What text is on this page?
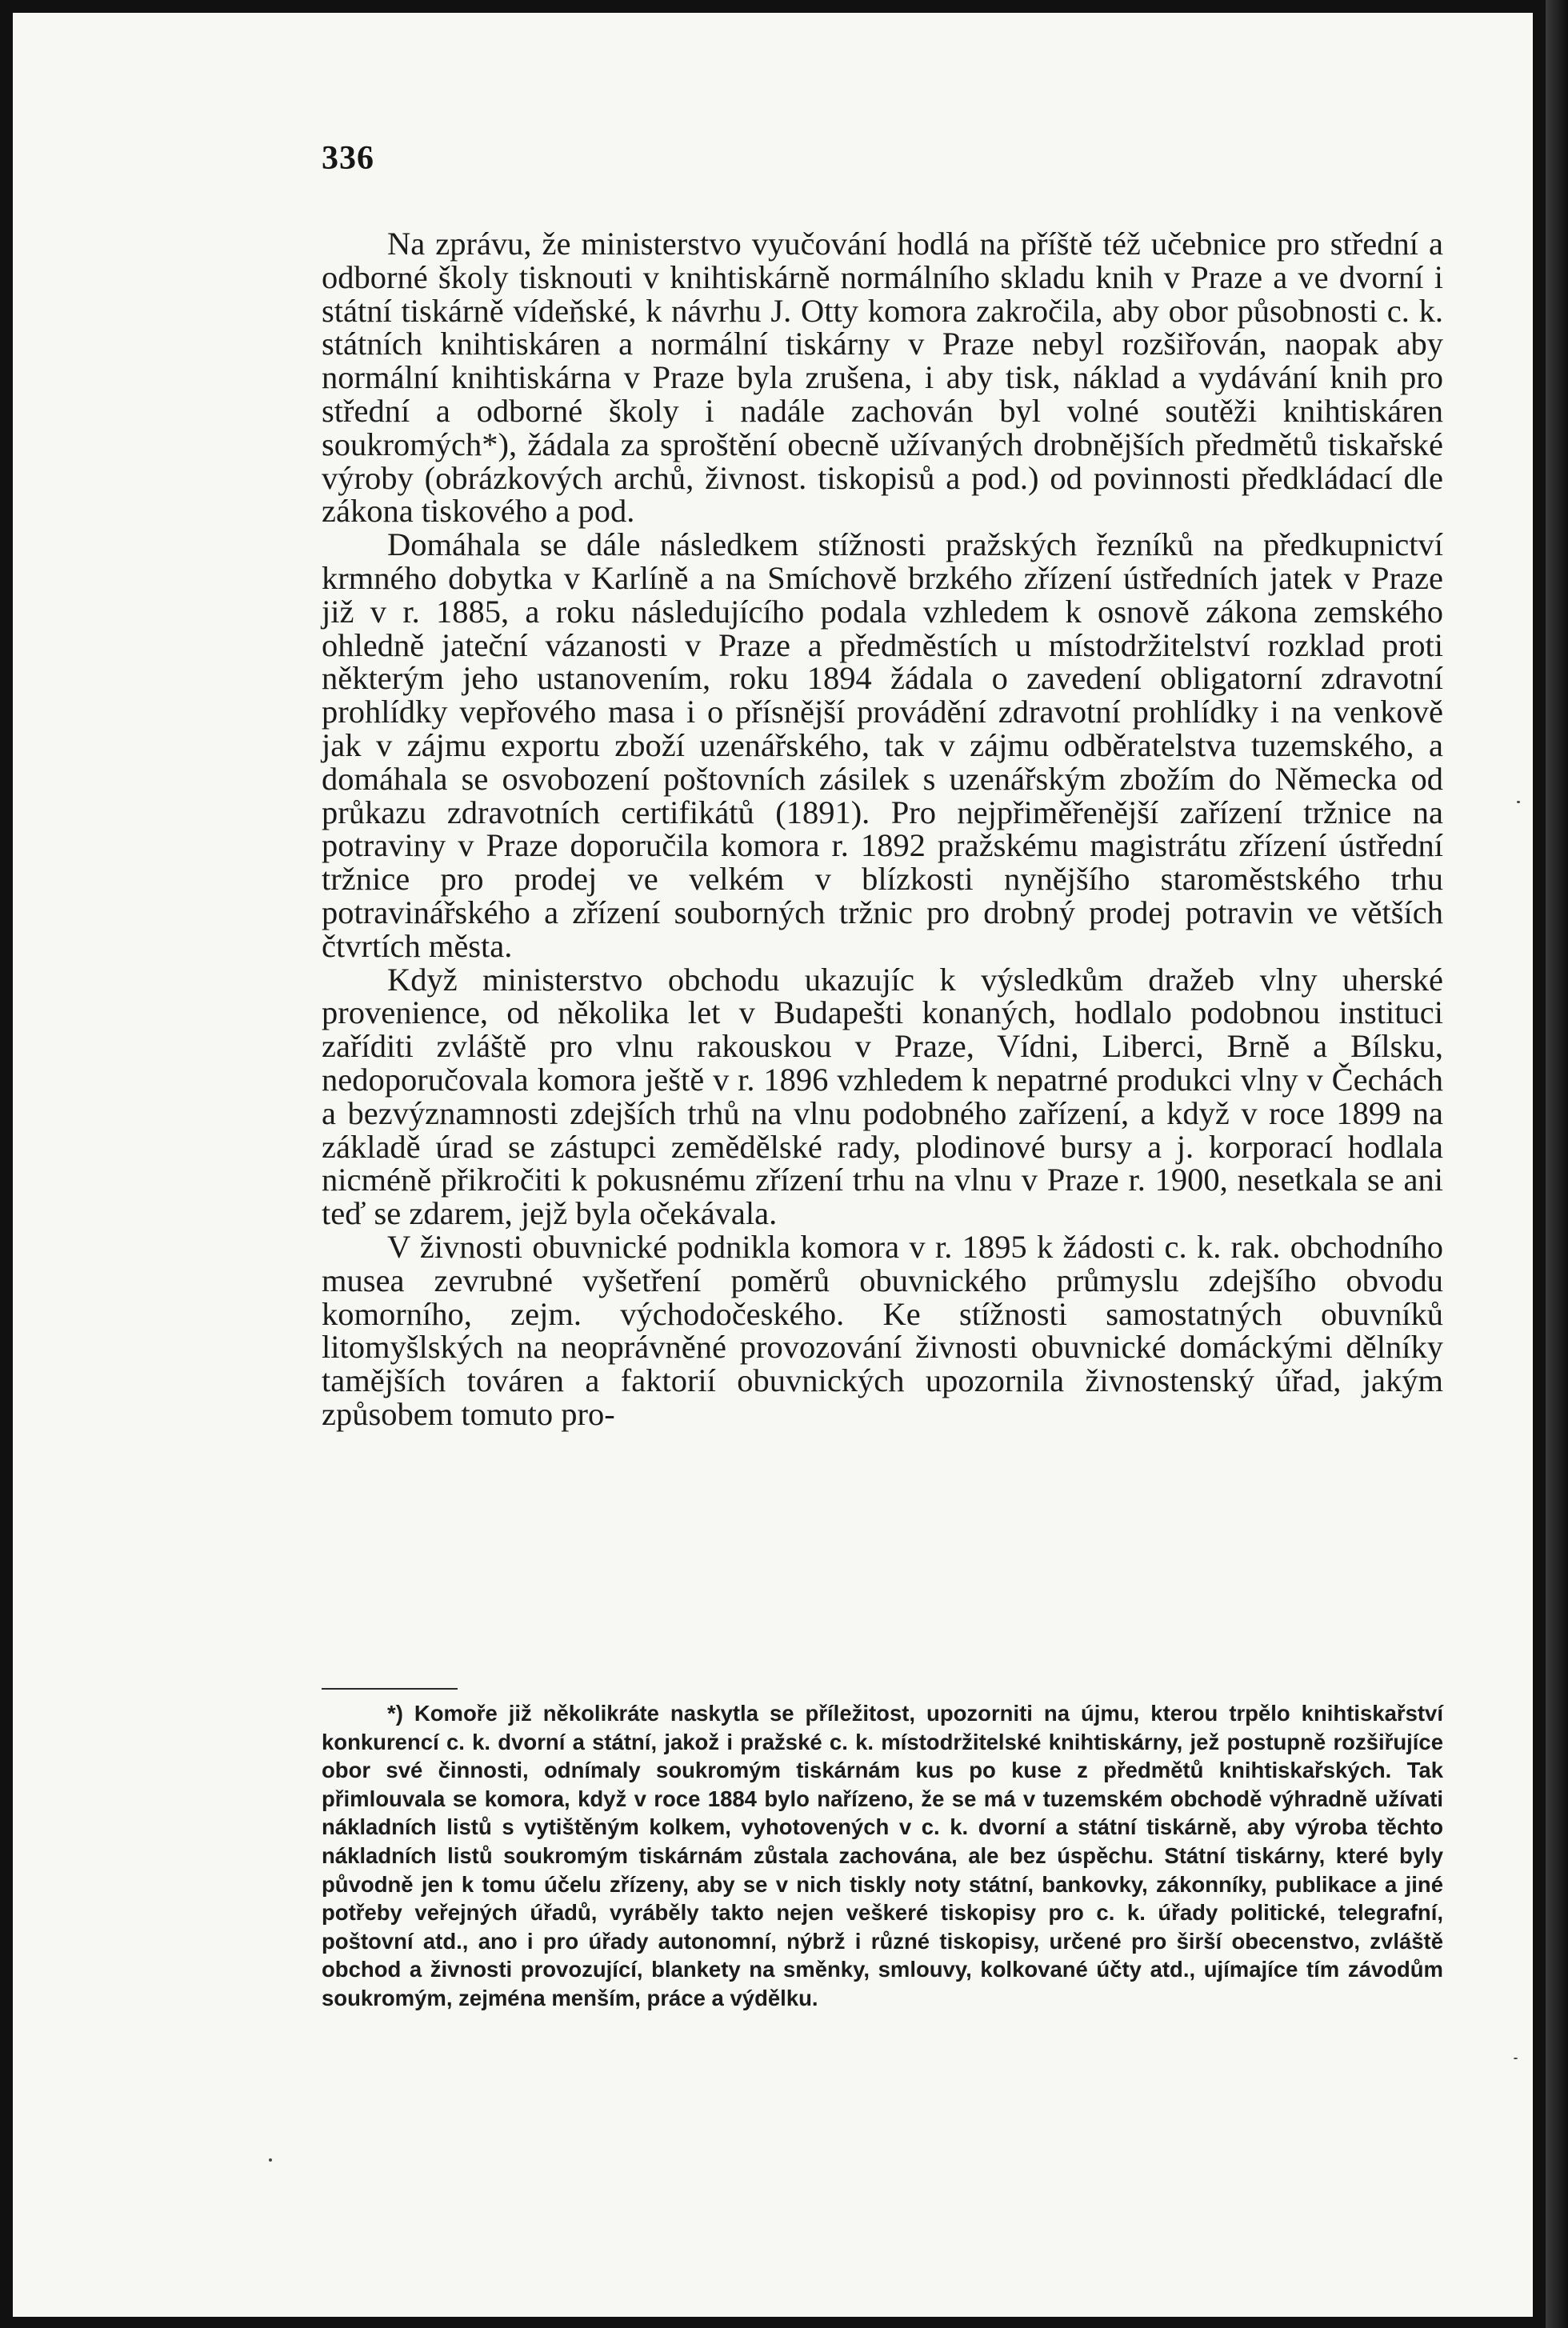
336

Na zprávu, že ministerstvo vyučování hodlá na příště též učebnice pro střední a odborné školy tisknouti v knihtiskárně normálního skladu knih v Praze a ve dvorní i státní tiskárně vídeňské, k návrhu J. Otty komora zakročila, aby obor působnosti c. k. státních knihtiskáren a normální tiskárny v Praze nebyl rozšiřován, naopak aby normální knihtiskárna v Praze byla zrušena, i aby tisk, náklad a vydávání knih pro střední a odborné školy i nadále zachován byl volné soutěži knihtiskáren soukromých*), žádala za sproštění obecně užívaných drobnějších předmětů tiskařské výroby (obrázkových archů, živnost. tiskopisů a pod.) od povinnosti předkládací dle zákona tiskového a pod.

Domáhala se dále následkem stížnosti pražských řezníků na předkupnictví krmného dobytka v Karlíně a na Smíchově brzkého zřízení ústředních jatek v Praze již v r. 1885, a roku následujícího podala vzhledem k osnově zákona zemského ohledně jateční vázanosti v Praze a předměstích u místodržitelství rozklad proti některým jeho ustanovením, roku 1894 žádala o zavedení obligatorní zdravotní prohlídky vepřového masa i o přísnější provádění zdravotní prohlídky i na venkově jak v zájmu exportu zboží uzenářského, tak v zájmu odběratelstva tuzemského, a domáhala se osvobození poštovních zásilek s uzenářským zbožím do Německa od průkazu zdravotních certifikátů (1891). Pro nejpřiměřenější zařízení tržnice na potraviny v Praze doporučila komora r. 1892 pražskému magistrátu zřízení ústřední tržnice pro prodej ve velkém v blízkosti nynějšího staroměstského trhu potravinářského a zřízení souborných tržnic pro drobný prodej potravin ve větších čtvrtích města.

Když ministerstvo obchodu ukazujíc k výsledkům dražeb vlny uherské provenience, od několika let v Budapešti konaných, hodlalo podobnou instituci zaříditi zvláště pro vlnu rakouskou v Praze, Vídni, Liberci, Brně a Bílsku, nedoporučovala komora ještě v r. 1896 vzhledem k nepatrné produkci vlny v Čechách a bezvýznamnosti zdejších trhů na vlnu podobného zařízení, a když v roce 1899 na základě úrad se zástupci zemědělské rady, plodinové bursy a j. korporací hodlala nicméně přikročiti k pokusnému zřízení trhu na vlnu v Praze r. 1900, nesetkala se ani teď se zdarem, jejž byla očekávala.

V živnosti obuvnické podnikla komora v r. 1895 k žádosti c. k. rak. obchodního musea zevrubné vyšetření poměrů obuvnického průmyslu zdejšího obvodu komorního, zejm. východočeského. Ke stížnosti samostatných obuvníků litomyšlských na neoprávněné provozování živnosti obuvnické domáckými dělníky tamějších továren a faktorií obuvnických upozornila živnostenský úřad, jakým způsobem tomuto pro-

*) Komoře již několikráte naskytla se příležitost, upozorniti na újmu, kterou trpělo knihtiskařství konkurencí c. k. dvorní a státní, jakož i pražské c. k. místodržitelské knihtiskárny, jež postupně rozšiřujíce obor své činnosti, odnímaly soukromým tiskárnám kus po kuse z předmětů knihtiskařských. Tak přimlouvala se komora, když v roce 1884 bylo nařízeno, že se má v tuzemském obchodě výhradně užívati nákladních listů s vytištěným kolkem, vyhotovených v c. k. dvorní a státní tiskárně, aby výroba těchto nákladních listů soukromým tiskárnám zůstala zachována, ale bez úspěchu. Státní tiskárny, které byly původně jen k tomu účelu zřízeny, aby se v nich tiskly noty státní, bankovky, zákonníky, publikace a jiné potřeby veřejných úřadů, vyráběly takto nejen veškeré tiskopisy pro c. k. úřady politické, telegrafní, poštovní atd., ano i pro úřady autonomní, nýbrž i různé tiskopisy, určené pro širší obecenstvo, zvláště obchod a živnosti provozující, blankety na směnky, smlouvy, kolkované účty atd., ujímajíce tím závodům soukromým, zejména menším, práce a výdělku.
